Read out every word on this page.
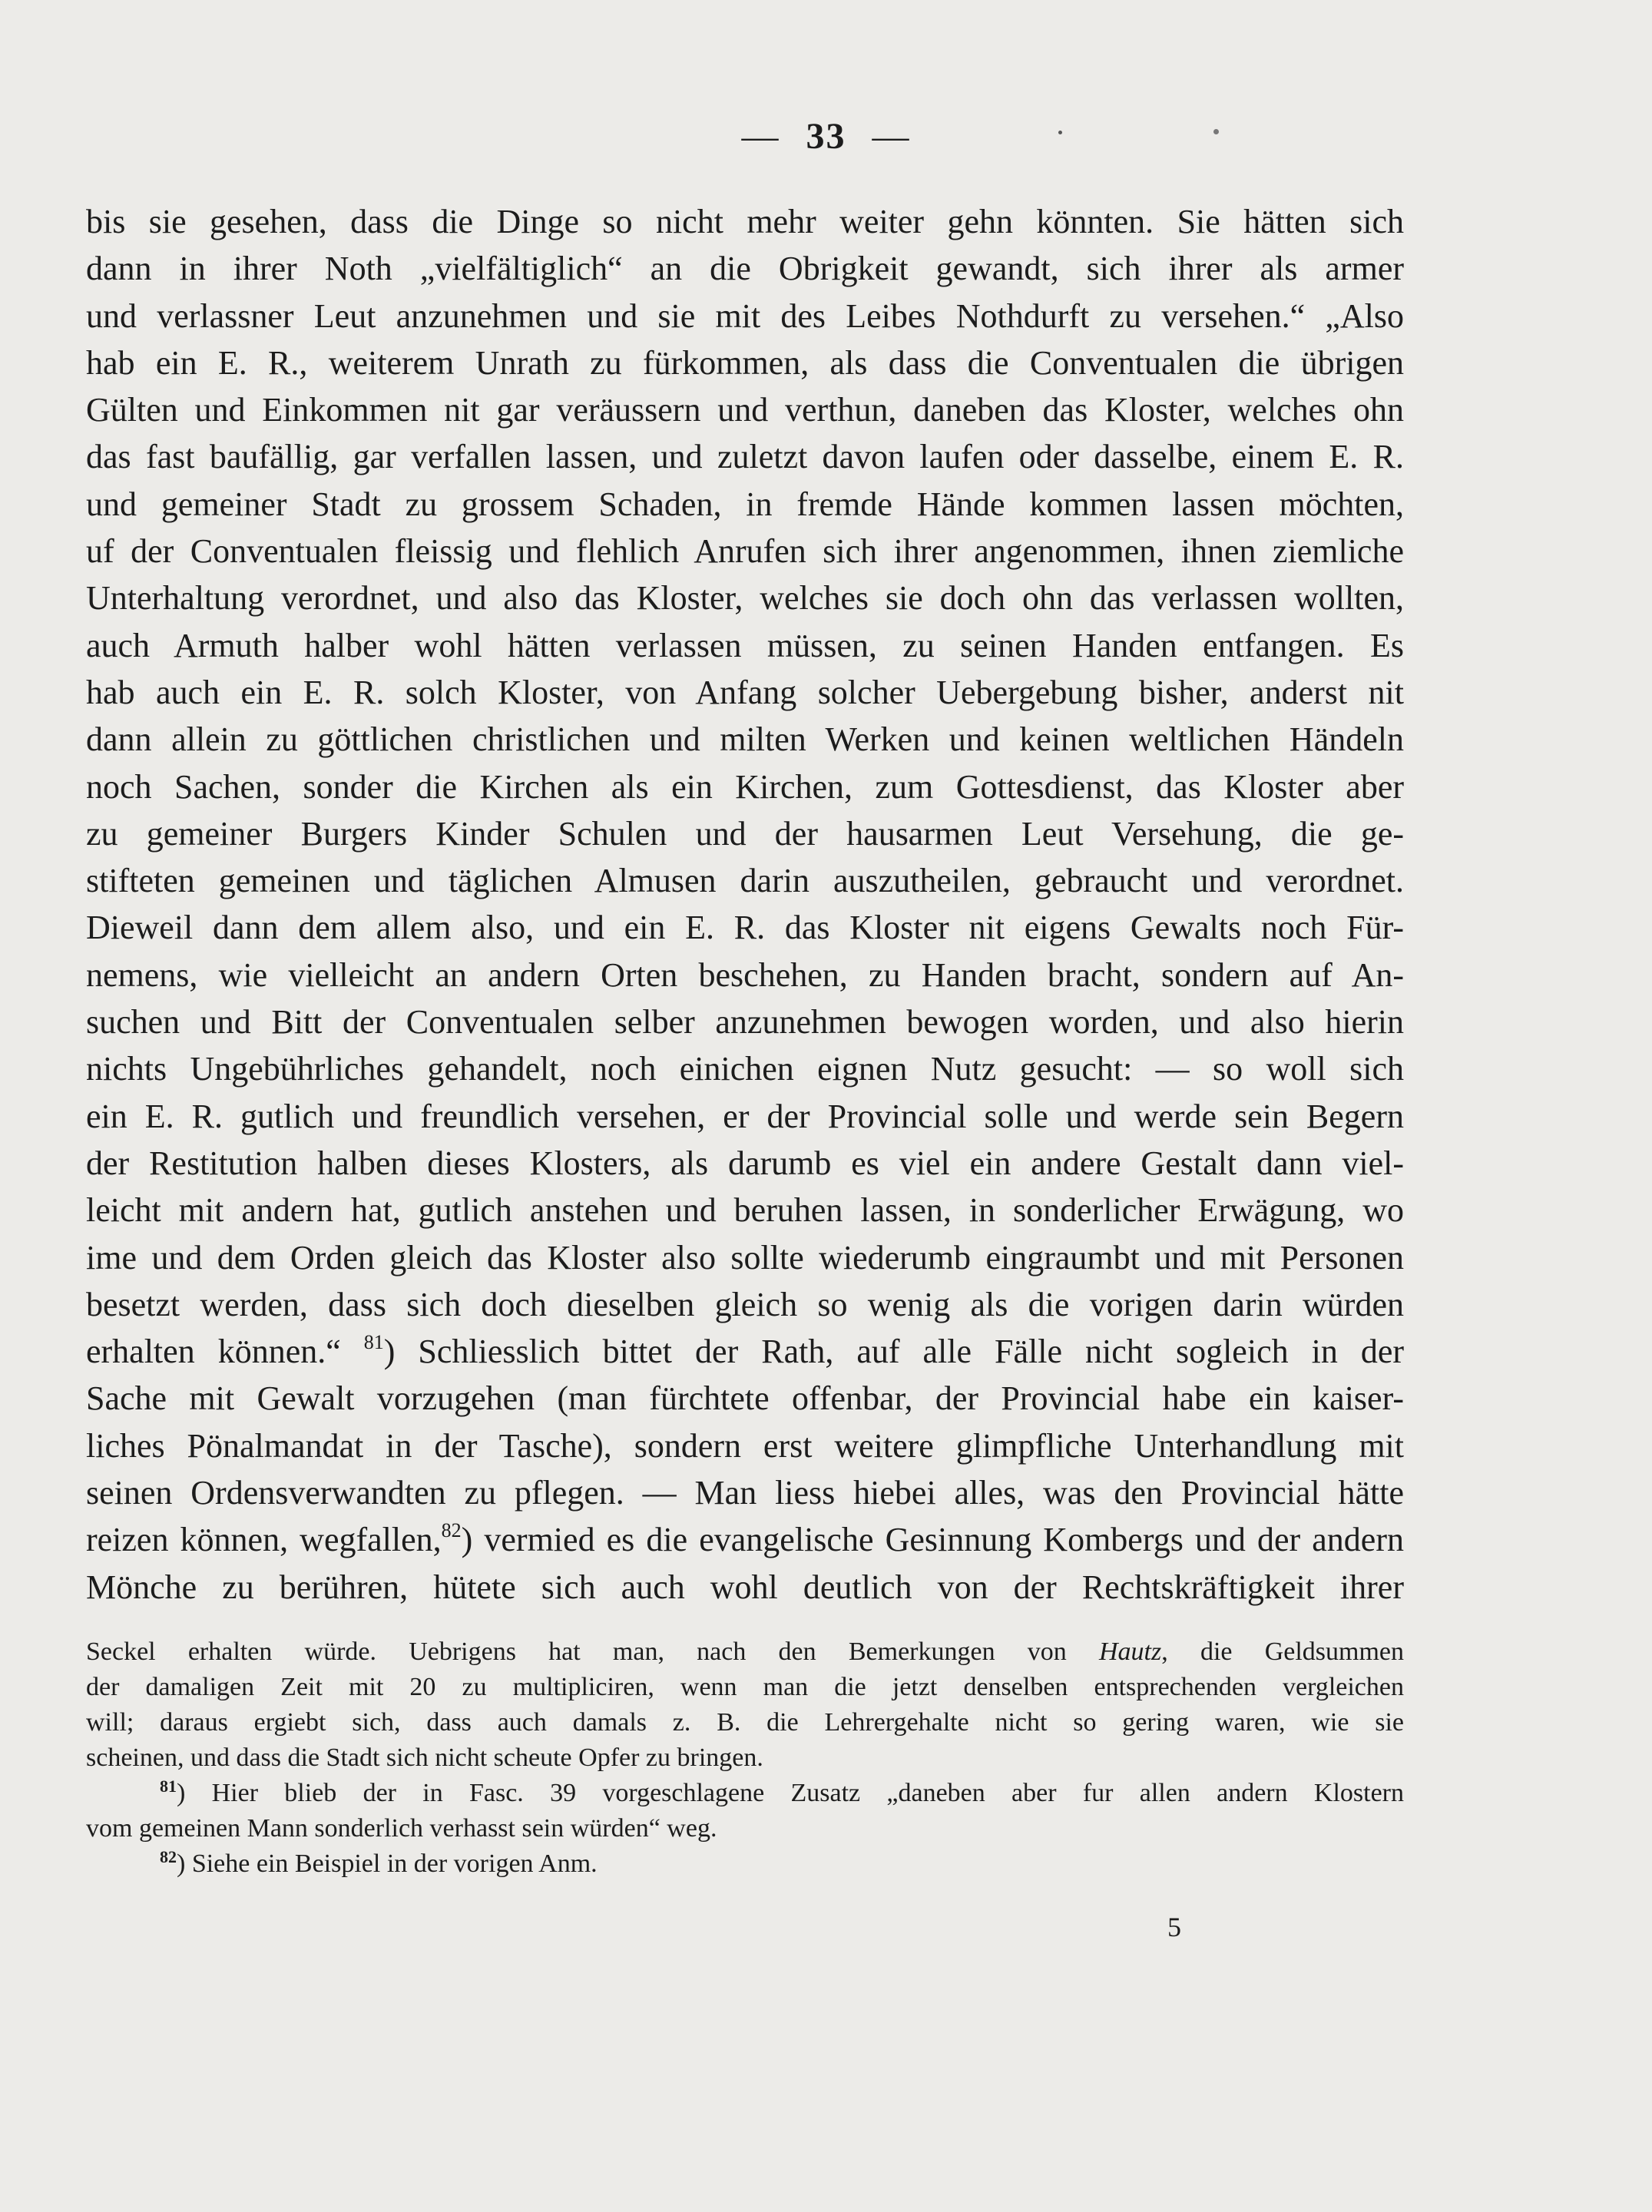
— 33 —
bis sie gesehen, dass die Dinge so nicht mehr weiter gehn könnten. Sie hätten sich
dann in ihrer Noth „vielfältiglich“ an die Obrigkeit gewandt, sich ihrer als armer
und verlassner Leut anzunehmen und sie mit des Leibes Nothdurft zu versehen.“ „Also
hab ein E. R., weiterem Unrath zu fürkommen, als dass die Conventualen die übrigen
Gülten und Einkommen nit gar veräussern und verthun, daneben das Kloster, welches ohn
das fast baufällig, gar verfallen lassen, und zuletzt davon laufen oder dasselbe, einem E. R.
und gemeiner Stadt zu grossem Schaden, in fremde Hände kommen lassen möchten,
uf der Conventualen fleissig und flehlich Anrufen sich ihrer angenommen, ihnen ziemliche
Unterhaltung verordnet, und also das Kloster, welches sie doch ohn das verlassen wollten,
auch Armuth halber wohl hätten verlassen müssen, zu seinen Handen entfangen. Es
hab auch ein E. R. solch Kloster, von Anfang solcher Uebergebung bisher, anderst nit
dann allein zu göttlichen christlichen und milten Werken und keinen weltlichen Händeln
noch Sachen, sonder die Kirchen als ein Kirchen, zum Gottesdienst, das Kloster aber
zu gemeiner Burgers Kinder Schulen und der hausarmen Leut Versehung, die ge-
stifteten gemeinen und täglichen Almusen darin auszutheilen, gebraucht und verordnet.
Dieweil dann dem allem also, und ein E. R. das Kloster nit eigens Gewalts noch Für-
nemens, wie vielleicht an andern Orten beschehen, zu Handen bracht, sondern auf An-
suchen und Bitt der Conventualen selber anzunehmen bewogen worden, und also hierin
nichts Ungebührliches gehandelt, noch einichen eignen Nutz gesucht: — so woll sich
ein E. R. gutlich und freundlich versehen, er der Provincial solle und werde sein Begern
der Restitution halben dieses Klosters, als darumb es viel ein andere Gestalt dann viel-
leicht mit andern hat, gutlich anstehen und beruhen lassen, in sonderlicher Erwägung, wo
ime und dem Orden gleich das Kloster also sollte wiederumb eingraumbt und mit Personen
besetzt werden, dass sich doch dieselben gleich so wenig als die vorigen darin würden
erhalten können.“ $^{81}$) Schliesslich bittet der Rath, auf alle Fälle nicht sogleich in der
Sache mit Gewalt vorzugehen (man fürchtete offenbar, der Provincial habe ein kaiser-
liches Pönalmandat in der Tasche), sondern erst weitere glimpfliche Unterhandlung mit
seinen Ordensverwandten zu pflegen. — Man liess hiebei alles, was den Provincial hätte
reizen können, wegfallen,$^{82}$) vermied es die evangelische Gesinnung Kombergs und der andern
Mönche zu berühren, hütete sich auch wohl deutlich von der Rechtskräftigkeit ihrer
Seckel erhalten würde. Uebrigens hat man, nach den Bemerkungen von Hautz, die Geldsummen
der damaligen Zeit mit 20 zu multipliciren, wenn man die jetzt denselben entsprechenden vergleichen
will; daraus ergiebt sich, dass auch damals z. B. die Lehrergehalte nicht so gering waren, wie sie
scheinen, und dass die Stadt sich nicht scheute Opfer zu bringen.
$^{81}$) Hier blieb der in Fasc. 39 vorgeschlagene Zusatz „daneben aber fur allen andern Klostern
vom gemeinen Mann sonderlich verhasst sein würden“ weg.
$^{82}$) Siehe ein Beispiel in der vorigen Anm.
5
